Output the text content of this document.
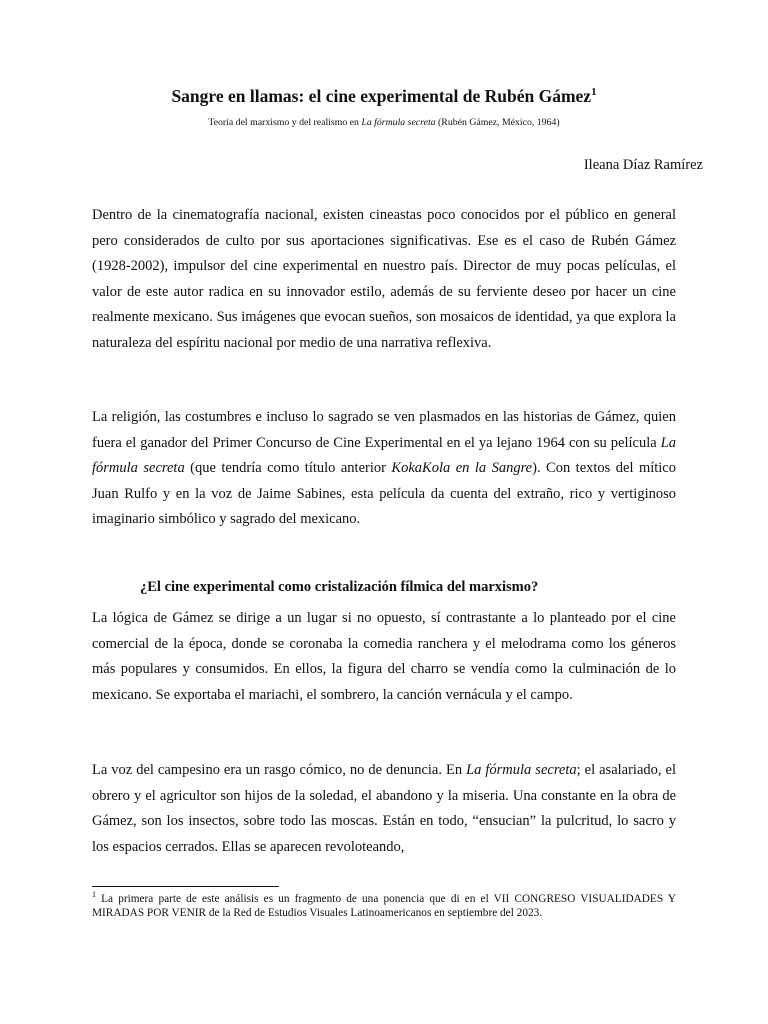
Sangre en llamas: el cine experimental de Rubén Gámez$^1$
Teoría del marxismo y del realismo en La fórmula secreta (Rubén Gámez, México, 1964)
Ileana Díaz Ramírez

Dentro de la cinematografía nacional, existen cineastas poco conocidos por el público en general pero considerados de culto por sus aportaciones significativas. Ese es el caso de Rubén Gámez (1928-2002), impulsor del cine experimental en nuestro país. Director de muy pocas películas, el valor de este autor radica en su innovador estilo, además de su ferviente deseo por hacer un cine realmente mexicano. Sus imágenes que evocan sueños, son mosaicos de identidad, ya que explora la naturaleza del espíritu nacional por medio de una narrativa reflexiva.

La religión, las costumbres e incluso lo sagrado se ven plasmados en las historias de Gámez, quien fuera el ganador del Primer Concurso de Cine Experimental en el ya lejano 1964 con su película La fórmula secreta (que tendría como título anterior KokaKola en la Sangre). Con textos del mítico Juan Rulfo y en la voz de Jaime Sabines, esta película da cuenta del extraño, rico y vertiginoso imaginario simbólico y sagrado del mexicano.

¿El cine experimental como cristalización fílmica del marxismo?

La lógica de Gámez se dirige a un lugar si no opuesto, sí contrastante a lo planteado por el cine comercial de la época, donde se coronaba la comedia ranchera y el melodrama como los géneros más populares y consumidos. En ellos, la figura del charro se vendía como la culminación de lo mexicano. Se exportaba el mariachi, el sombrero, la canción vernácula y el campo.

La voz del campesino era un rasgo cómico, no de denuncia. En La fórmula secreta; el asalariado, el obrero y el agricultor son hijos de la soledad, el abandono y la miseria. Una constante en la obra de Gámez, son los insectos, sobre todo las moscas. Están en todo, “ensucian” la pulcritud, lo sacro y los espacios cerrados. Ellas se aparecen revoloteando,

$^1$ La primera parte de este análisis es un fragmento de una ponencia que di en el VII CONGRESO VISUALIDADES Y MIRADAS POR VENIR de la Red de Estudios Visuales Latinoamericanos en septiembre del 2023.
